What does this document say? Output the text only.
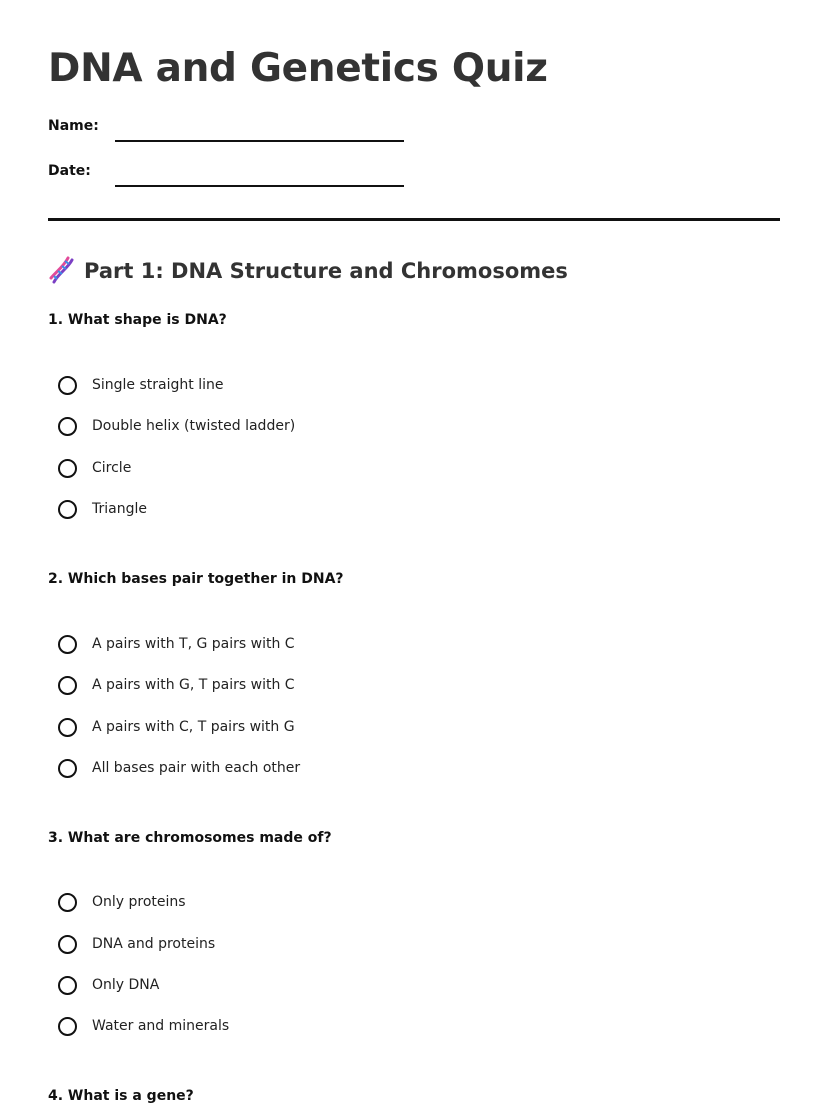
DNA and Genetics Quiz
Name:
Date:
Part 1: DNA Structure and Chromosomes

1. What shape is DNA?

Single straight line
Double helix (twisted ladder)
Circle
Triangle

2. Which bases pair together in DNA?

A pairs with T, G pairs with C
A pairs with G, T pairs with C
A pairs with C, T pairs with G
All bases pair with each other

3. What are chromosomes made of?

Only proteins
DNA and proteins
Only DNA
Water and minerals

4. What is a gene?
